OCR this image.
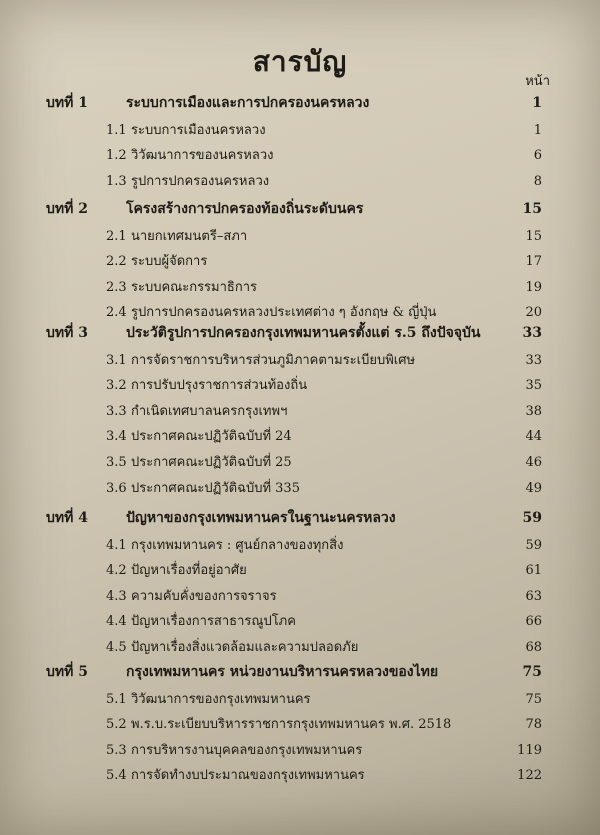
สารบัญ
หน้า
บทที่ 1	ระบบการเมืองและการปกครองนครหลวง	1
1.1 ระบบการเมืองนครหลวง	1
1.2 วิวัฒนาการของนครหลวง	6
1.3 รูปการปกครองนครหลวง	8
บทที่ 2	โครงสร้างการปกครองท้องถิ่นระดับนคร	15
2.1 นายกเทศมนตรี–สภา	15
2.2 ระบบผู้จัดการ	17
2.3 ระบบคณะกรรมาธิการ	19
2.4 รูปการปกครองนครหลวงประเทศต่าง ๆ อังกฤษ & ญี่ปุ่น	20
บทที่ 3	ประวัติรูปการปกครองกรุงเทพมหานครตั้งแต่ ร.5 ถึงปัจจุบัน	33
3.1 การจัดราชการบริหารส่วนภูมิภาคตามระเบียบพิเศษ	33
3.2 การปรับปรุงราชการส่วนท้องถิ่น	35
3.3 กำเนิดเทศบาลนครกรุงเทพฯ	38
3.4 ประกาศคณะปฏิวัติฉบับที่ 24	44
3.5 ประกาศคณะปฏิวัติฉบับที่ 25	46
3.6 ประกาศคณะปฏิวัติฉบับที่ 335	49
บทที่ 4	ปัญหาของกรุงเทพมหานครในฐานะนครหลวง	59
4.1 กรุงเทพมหานคร : ศูนย์กลางของทุกสิ่ง	59
4.2 ปัญหาเรื่องที่อยู่อาศัย	61
4.3 ความคับคั่งของการจราจร	63
4.4 ปัญหาเรื่องการสาธารณูปโภค	66
4.5 ปัญหาเรื่องสิ่งแวดล้อมและความปลอดภัย	68
บทที่ 5	กรุงเทพมหานคร หน่วยงานบริหารนครหลวงของไทย	75
5.1 วิวัฒนาการของกรุงเทพมหานคร	75
5.2 พ.ร.บ.ระเบียบบริหารราชการกรุงเทพมหานคร พ.ศ. 2518	78
5.3 การบริหารงานบุคคลของกรุงเทพมหานคร	119
5.4 การจัดทำงบประมาณของกรุงเทพมหานคร	122
